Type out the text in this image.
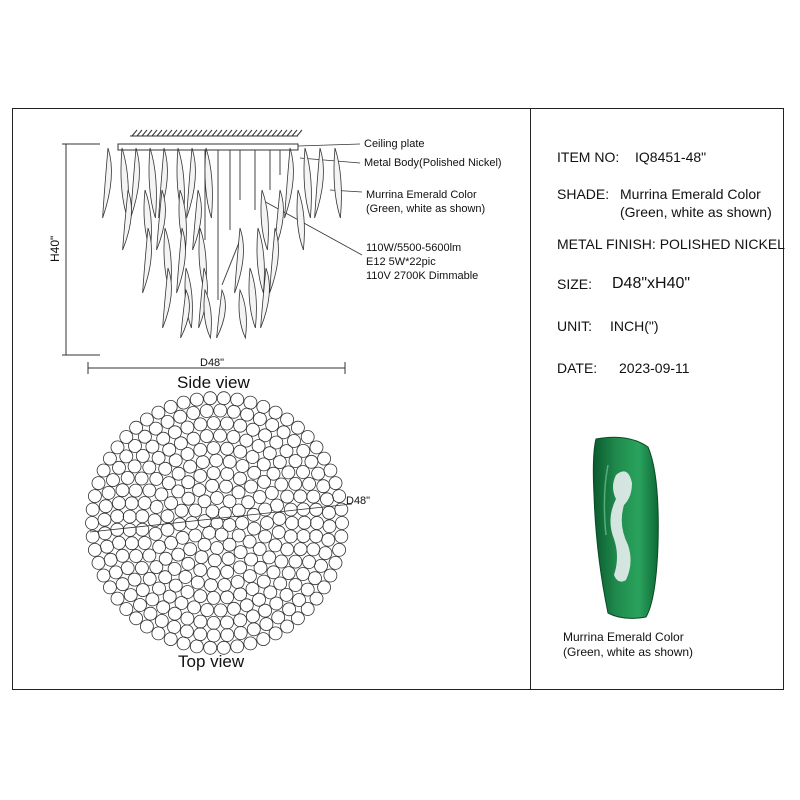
Ceiling plate
Metal Body(Polished Nickel)
Murrina Emerald Color
(Green, white as shown)
110W/5500-5600lm
E12 5W*22pic
110V 2700K Dimmable
H40"
D48"
Side view
D48"
Top view
ITEM NO: IQ8451-48"
SHADE: Murrina Emerald Color
(Green, white as shown)
METAL FINISH: POLISHED NICKEL
SIZE: D48"xH40"
UNIT: INCH(")
DATE: 2023-09-11
Murrina Emerald Color
(Green, white as shown)
